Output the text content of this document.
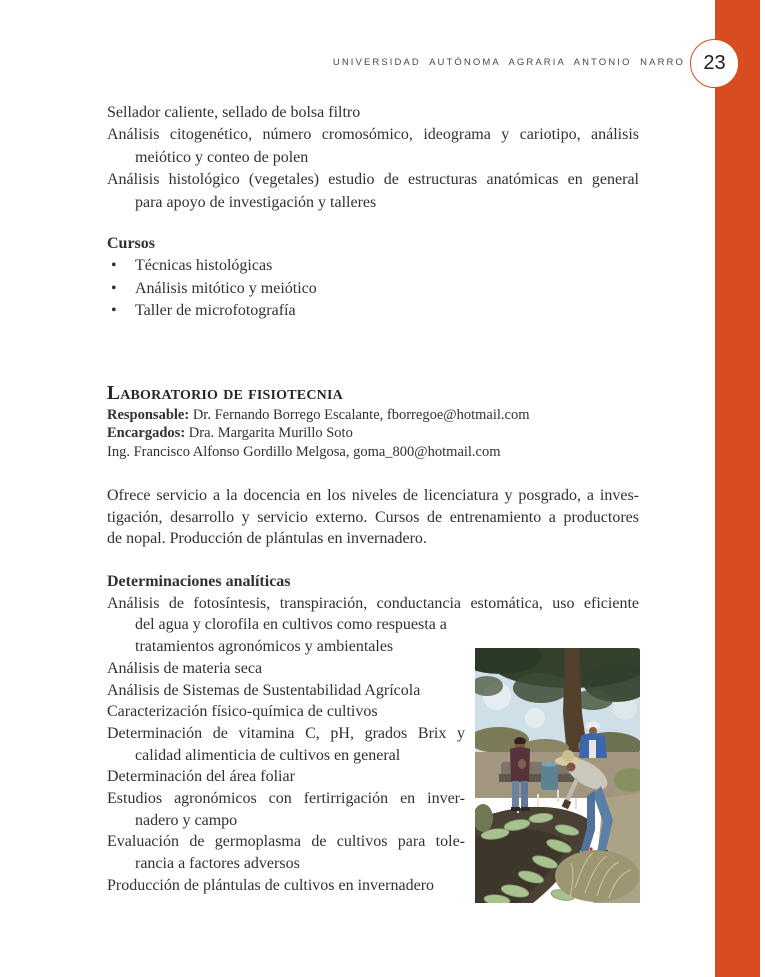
UNIVERSIDAD AUTÓNOMA AGRARIA ANTONIO NARRO 23
Sellador caliente, sellado de bolsa filtro
Análisis citogenético, número cromosómico, ideograma y cariotipo, análisis
meiótico y conteo de polen
Análisis histológico (vegetales) estudio de estructuras anatómicas en general
para apoyo de investigación y talleres
Cursos
• Técnicas histológicas
• Análisis mitótico y meiótico
• Taller de microfotografía
Laboratorio de fisiotecnia
Responsable: Dr. Fernando Borrego Escalante, fborregoe@hotmail.com
Encargados: Dra. Margarita Murillo Soto
Ing. Francisco Alfonso Gordillo Melgosa, goma_800@hotmail.com
Ofrece servicio a la docencia en los niveles de licenciatura y posgrado, a inves-
tigación, desarrollo y servicio externo. Cursos de entrenamiento a productores
de nopal. Producción de plántulas en invernadero.
Determinaciones analíticas
Análisis de fotosíntesis, transpiración, conductancia estomática, uso eficiente
del agua y clorofila en cultivos como respuesta a
tratamientos agronómicos y ambientales
Análisis de materia seca
Análisis de Sistemas de Sustentabilidad Agrícola
Caracterización físico-química de cultivos
Determinación de vitamina C, pH, grados Brix y
calidad alimenticia de cultivos en general
Determinación del área foliar
Estudios agronómicos con fertirrigación en inver-
nadero y campo
Evaluación de germoplasma de cultivos para tole-
rancia a factores adversos
Producción de plántulas de cultivos en invernadero
